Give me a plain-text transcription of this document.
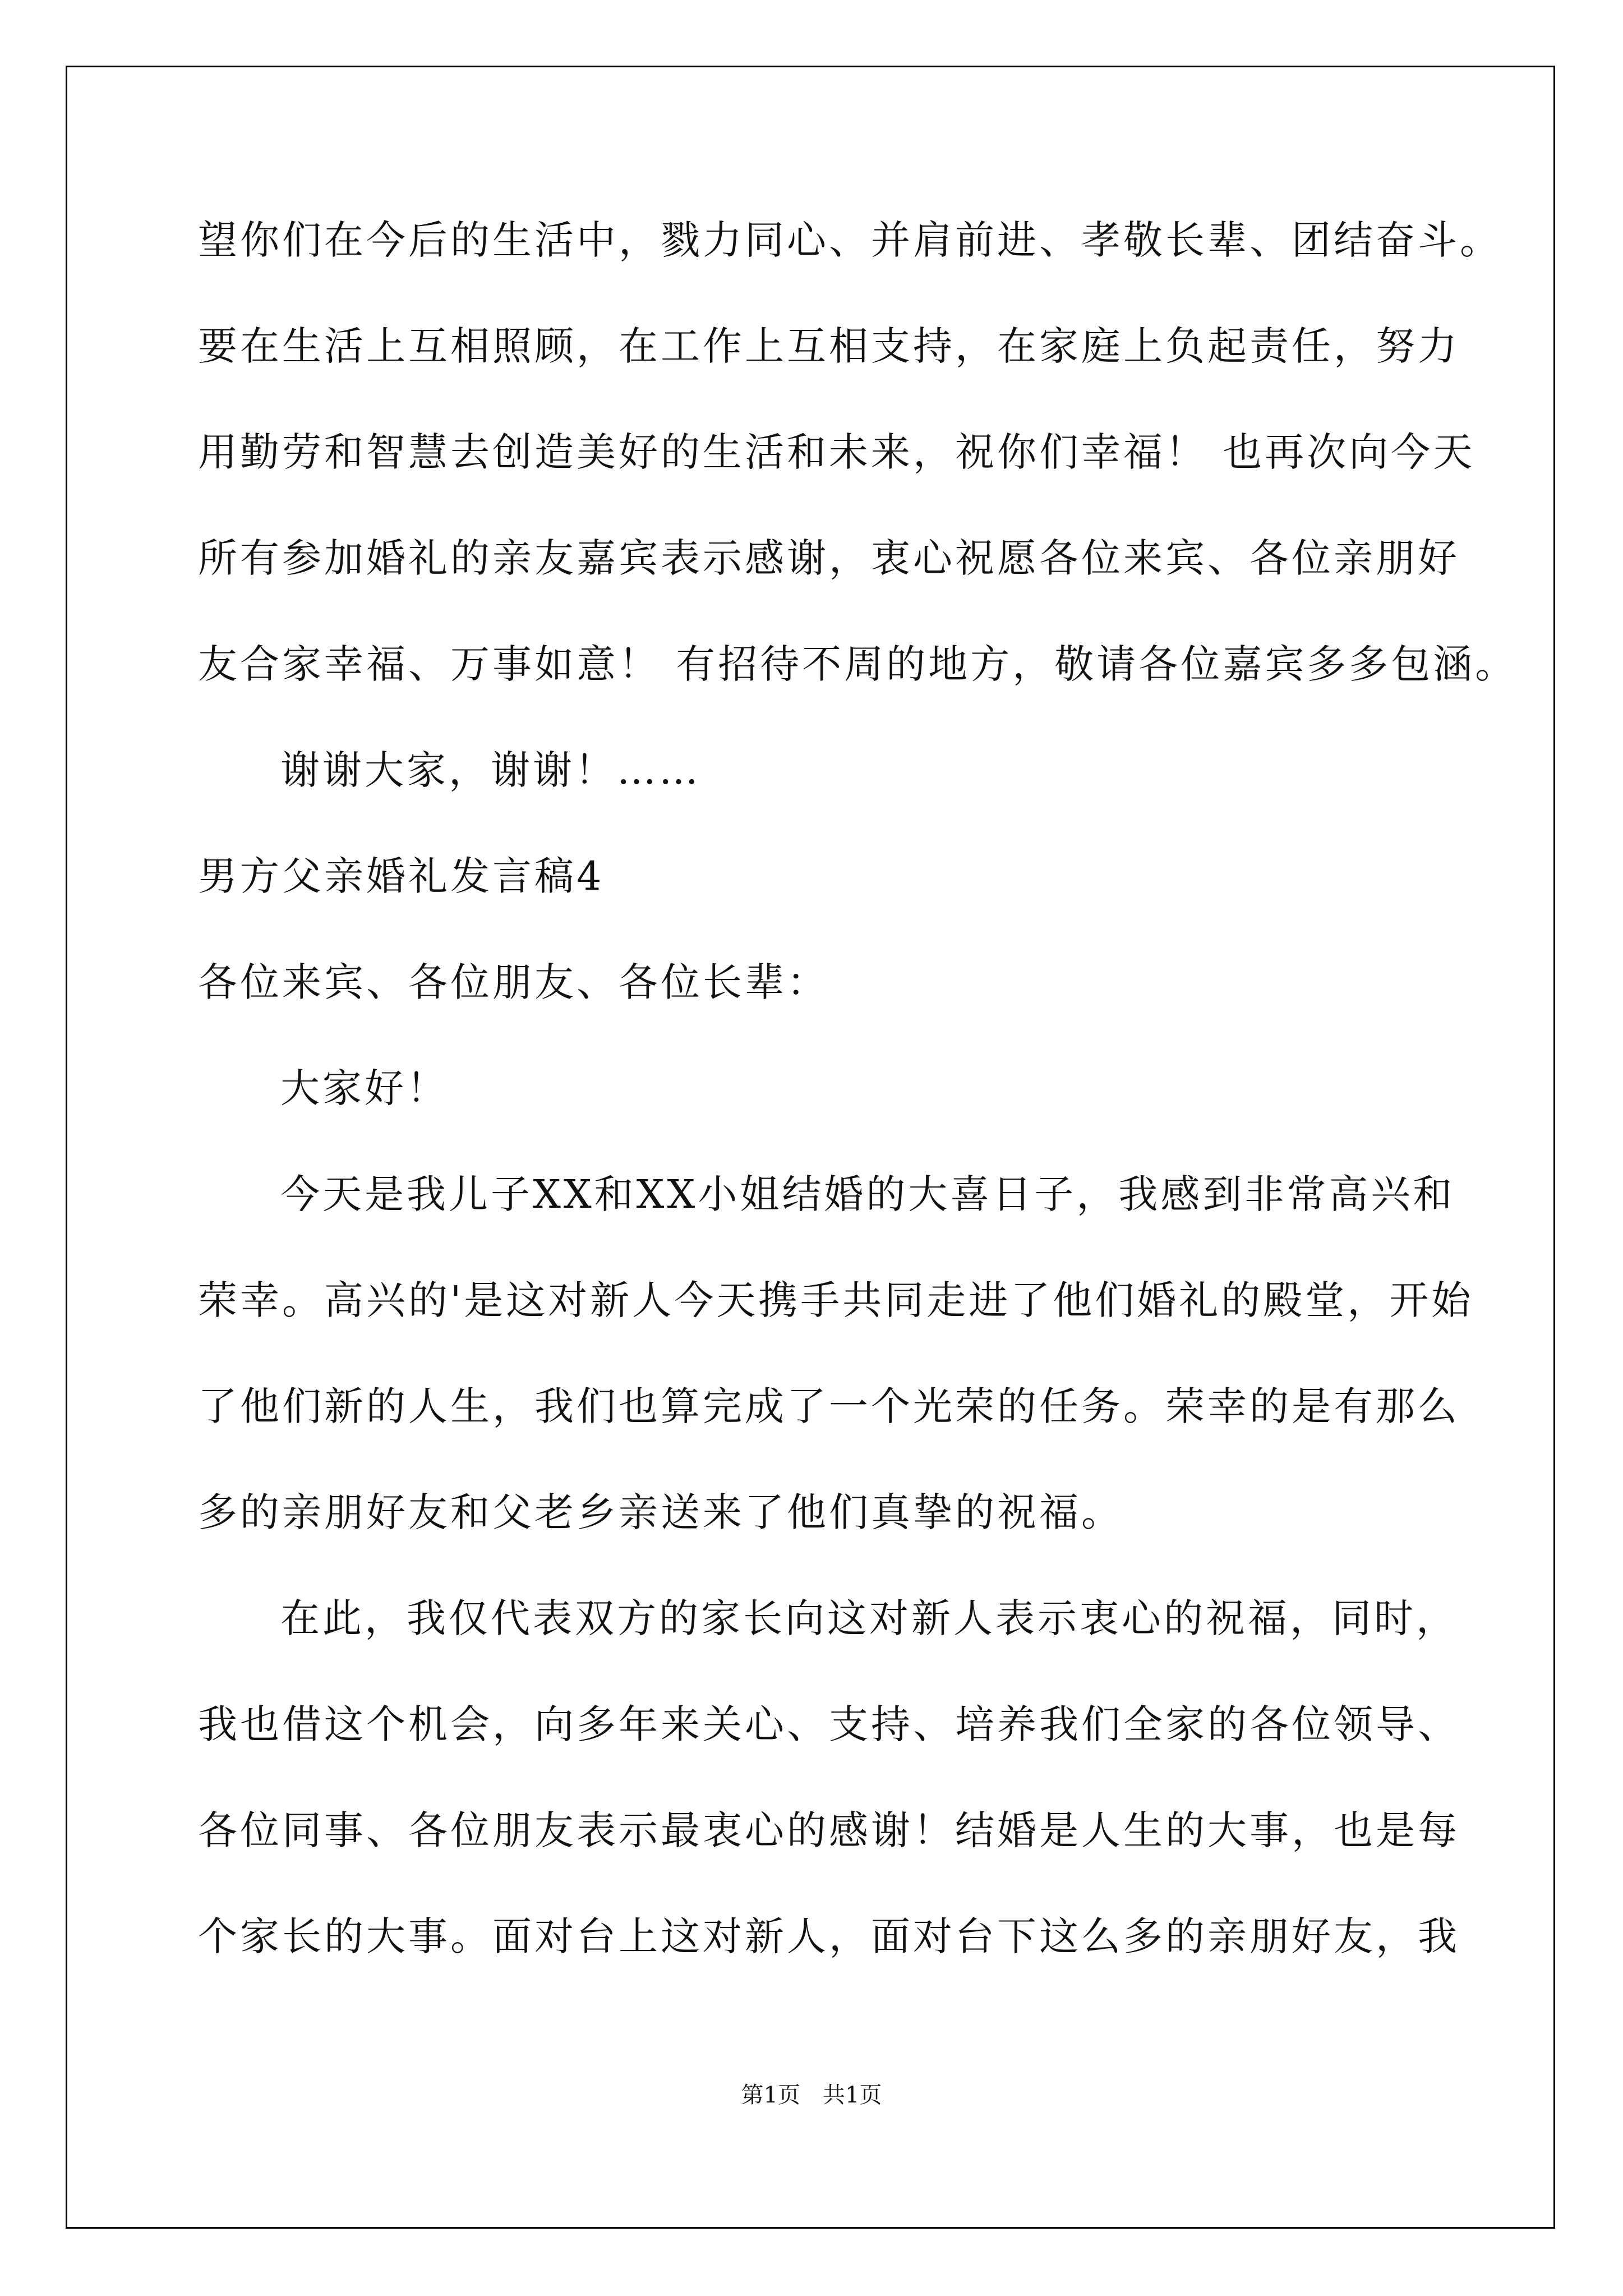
望你们在今后的生活中，戮力同心、并肩前进、孝敬长辈、团结奋斗。
要在生活上互相照顾，在工作上互相支持，在家庭上负起责任，努力
用勤劳和智慧去创造美好的生活和未来，祝你们幸福！ 也再次向今天
所有参加婚礼的亲友嘉宾表示感谢，衷心祝愿各位来宾、各位亲朋好
友合家幸福、万事如意！ 有招待不周的地方，敬请各位嘉宾多多包涵。
谢谢大家，谢谢！……
男方父亲婚礼发言稿4
各位来宾、各位朋友、各位长辈：
大家好！
今天是我儿子XX和XX小姐结婚的大喜日子，我感到非常高兴和
荣幸。高兴的'是这对新人今天携手共同走进了他们婚礼的殿堂，开始
了他们新的人生，我们也算完成了一个光荣的任务。荣幸的是有那么
多的亲朋好友和父老乡亲送来了他们真挚的祝福。
在此，我仅代表双方的家长向这对新人表示衷心的祝福，同时，
我也借这个机会，向多年来关心、支持、培养我们全家的各位领导、
各位同事、各位朋友表示最衷心的感谢！结婚是人生的大事，也是每
个家长的大事。面对台上这对新人，面对台下这么多的亲朋好友，我
第1页　共1页
